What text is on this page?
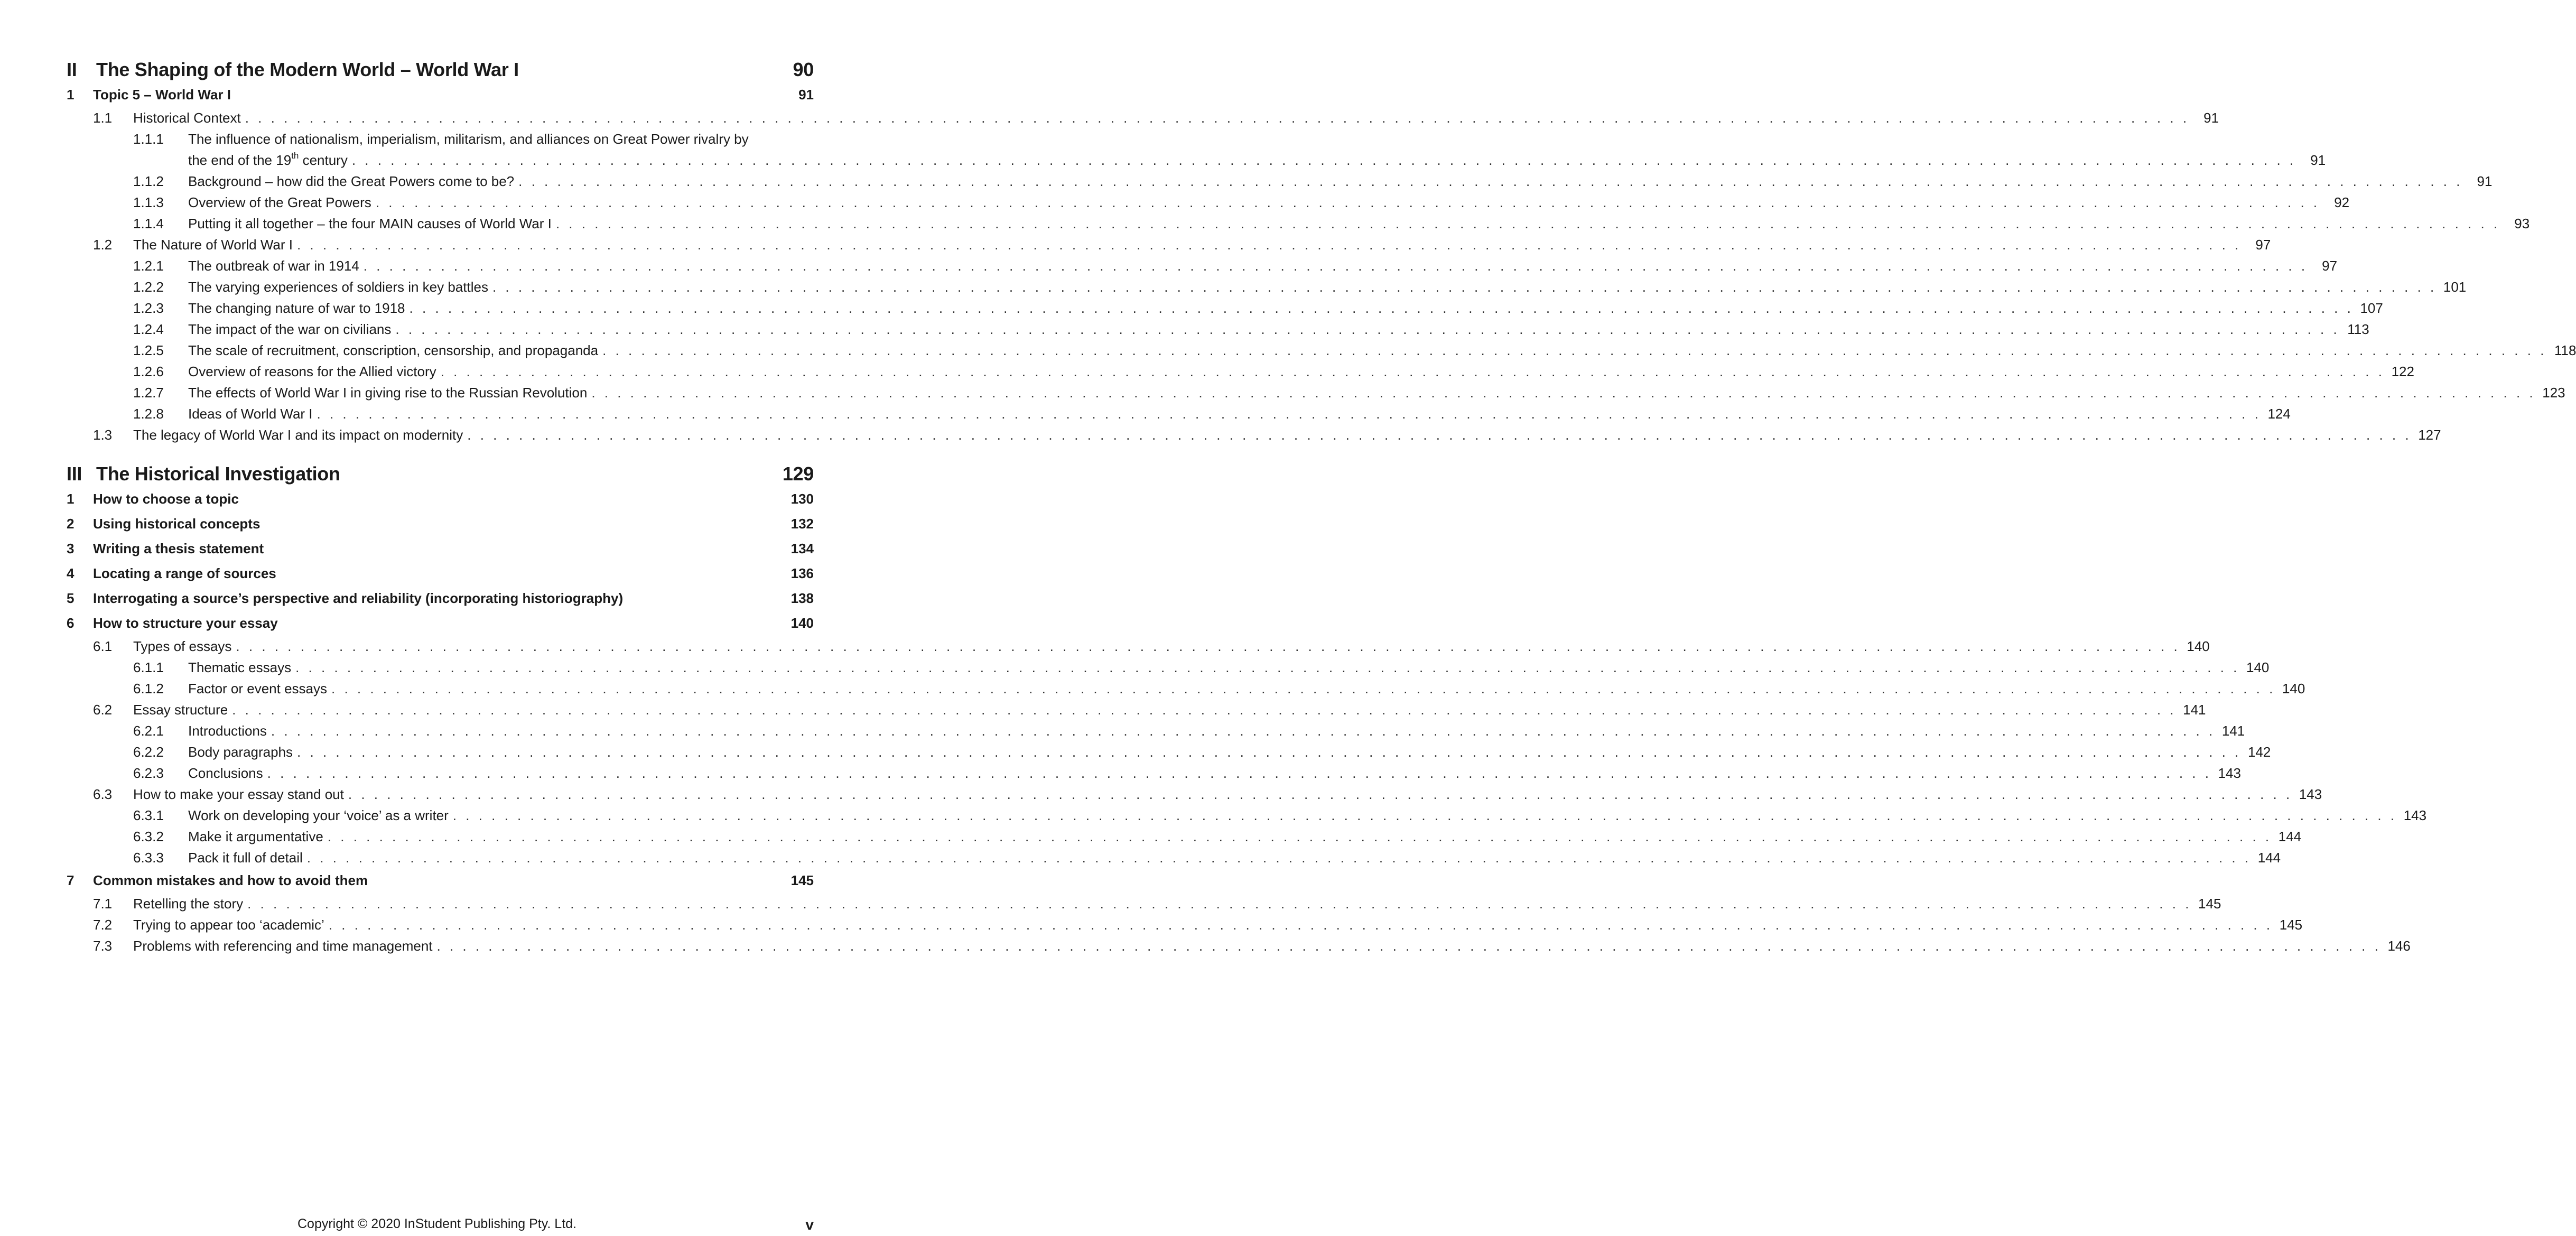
II	The Shaping of the Modern World – World War I	90
1	Topic 5 – World War I	91
1.1	Historical Context . . .	91
1.1.1	The influence of nationalism, imperialism, militarism, and alliances on Great Power rivalry by
the end of the 19th century . . .	91
1.1.2	Background – how did the Great Powers come to be? . . .	91
1.1.3	Overview of the Great Powers . . .	92
1.1.4	Putting it all together – the four MAIN causes of World War I . . .	93
1.2	The Nature of World War I . . .	97
1.2.1	The outbreak of war in 1914 . . .	97
1.2.2	The varying experiences of soldiers in key battles . . .	101
1.2.3	The changing nature of war to 1918 . . .	107
1.2.4	The impact of the war on civilians . . .	113
1.2.5	The scale of recruitment, conscription, censorship, and propaganda . . .	118
1.2.6	Overview of reasons for the Allied victory . . .	122
1.2.7	The effects of World War I in giving rise to the Russian Revolution . . .	123
1.2.8	Ideas of World War I . . .	124
1.3	The legacy of World War I and its impact on modernity . . .	127
III The Historical Investigation	129
1	How to choose a topic	130
2	Using historical concepts	132
3	Writing a thesis statement	134
4	Locating a range of sources	136
5	Interrogating a source’s perspective and reliability (incorporating historiography)	138
6	How to structure your essay	140
6.1	Types of essays . . .	140
6.1.1	Thematic essays . . .	140
6.1.2	Factor or event essays . . .	140
6.2	Essay structure . . .	141
6.2.1	Introductions . . .	141
6.2.2	Body paragraphs . . .	142
6.2.3	Conclusions . . .	143
6.3	How to make your essay stand out . . .	143
6.3.1	Work on developing your ‘voice’ as a writer . . .	143
6.3.2	Make it argumentative . . .	144
6.3.3	Pack it full of detail . . .	144
7	Common mistakes and how to avoid them	145
7.1	Retelling the story . . .	145
7.2	Trying to appear too ‘academic’ . . .	145
7.3	Problems with referencing and time management . . .	146
Copyright © 2020 InStudent Publishing Pty. Ltd.	v
